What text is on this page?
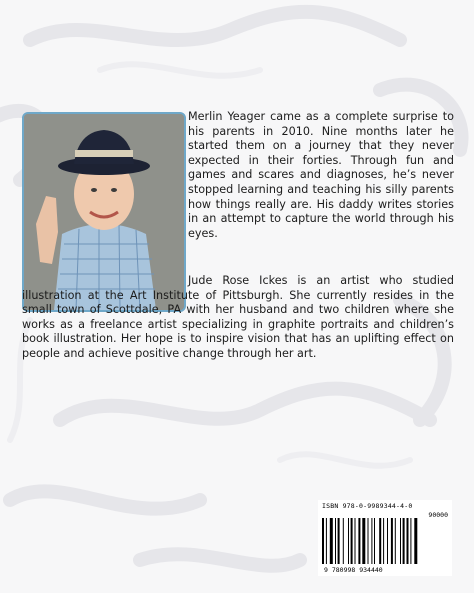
Merlin Yeager came as a complete surprise to his parents in 2010. Nine months later he started them on a journey that they never expected in their forties. Through fun and games and scares and diagnoses, he’s never stopped learning and teaching his silly parents how things really are. His daddy writes stories in an attempt to capture the world through his eyes.

Jude Rose Ickes is an artist who studied illustration at the Art Institute of Pittsburgh. She currently resides in the small town of Scottdale, PA with her husband and two children where she works as a freelance artist specializing in graphite portraits and children’s book illustration. Her hope is to inspire vision that has an uplifting effect on people and achieve positive change through her art.

ISBN 978-0-9989344-4-0
90000
9 780998 934440
